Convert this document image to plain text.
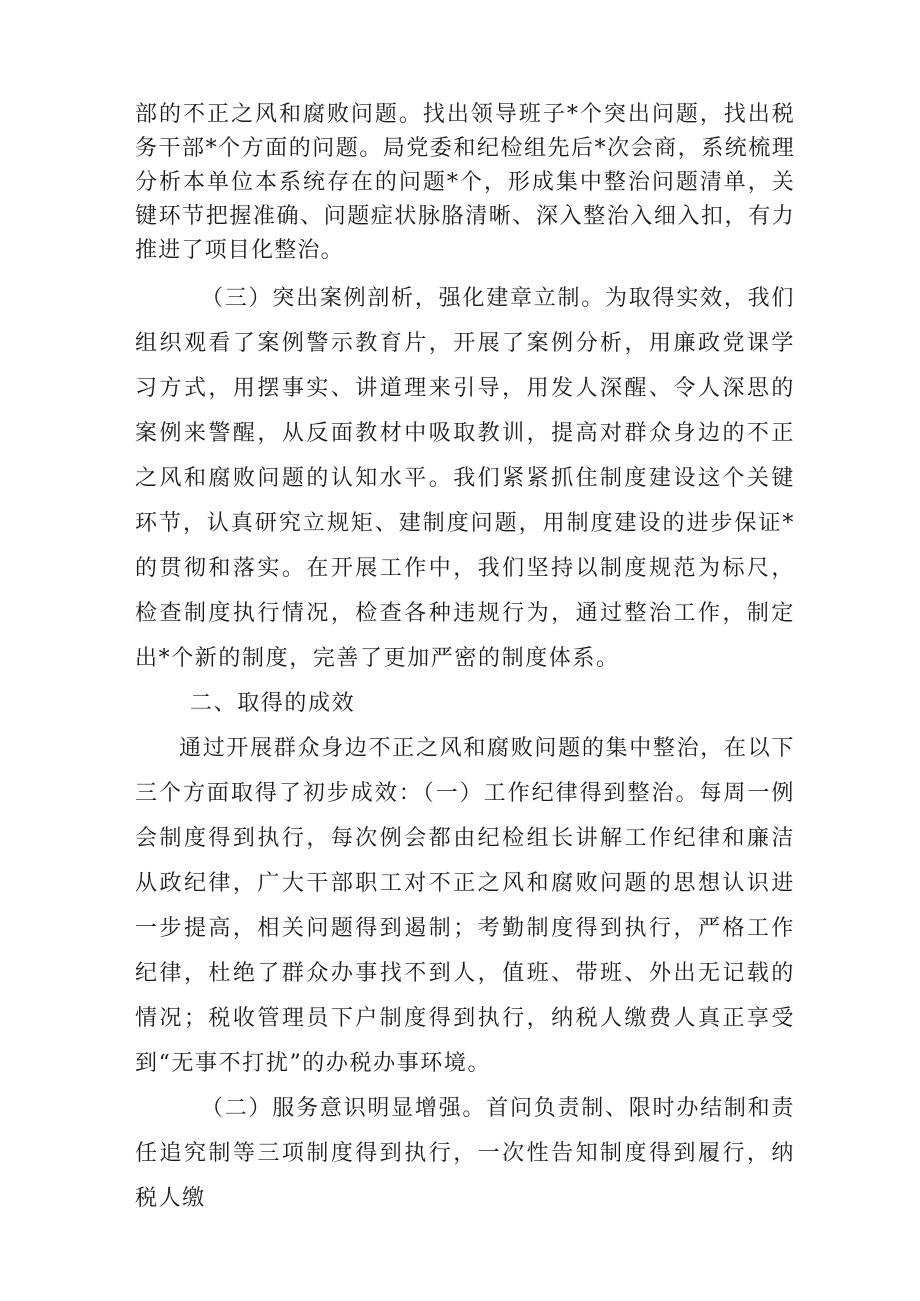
部的不正之风和腐败问题。找出领导班子*个突出问题，找出税务干部*个方面的问题。局党委和纪检组先后*次会商，系统梳理分析本单位本系统存在的问题*个，形成集中整治问题清单，关键环节把握准确、问题症状脉胳清晰、深入整治入细入扣，有力推进了项目化整治。

（三）突出案例剖析，强化建章立制。为取得实效，我们组织观看了案例警示教育片，开展了案例分析，用廉政党课学习方式，用摆事实、讲道理来引导，用发人深醒、令人深思的案例来警醒，从反面教材中吸取教训，提高对群众身边的不正之风和腐败问题的认知水平。我们紧紧抓住制度建设这个关键环节，认真研究立规矩、建制度问题，用制度建设的进步保证*的贯彻和落实。在开展工作中，我们坚持以制度规范为标尺，检查制度执行情况，检查各种违规行为，通过整治工作，制定出*个新的制度，完善了更加严密的制度体系。

二、取得的成效

通过开展群众身边不正之风和腐败问题的集中整治，在以下三个方面取得了初步成效：（一）工作纪律得到整治。每周一例会制度得到执行，每次例会都由纪检组长讲解工作纪律和廉洁从政纪律，广大干部职工对不正之风和腐败问题的思想认识进一步提高，相关问题得到遏制；考勤制度得到执行，严格工作纪律，杜绝了群众办事找不到人，值班、带班、外出无记载的情况；税收管理员下户制度得到执行，纳税人缴费人真正享受到“无事不打扰”的办税办事环境。

（二）服务意识明显增强。首问负责制、限时办结制和责任追究制等三项制度得到执行，一次性告知制度得到履行，纳税人缴
